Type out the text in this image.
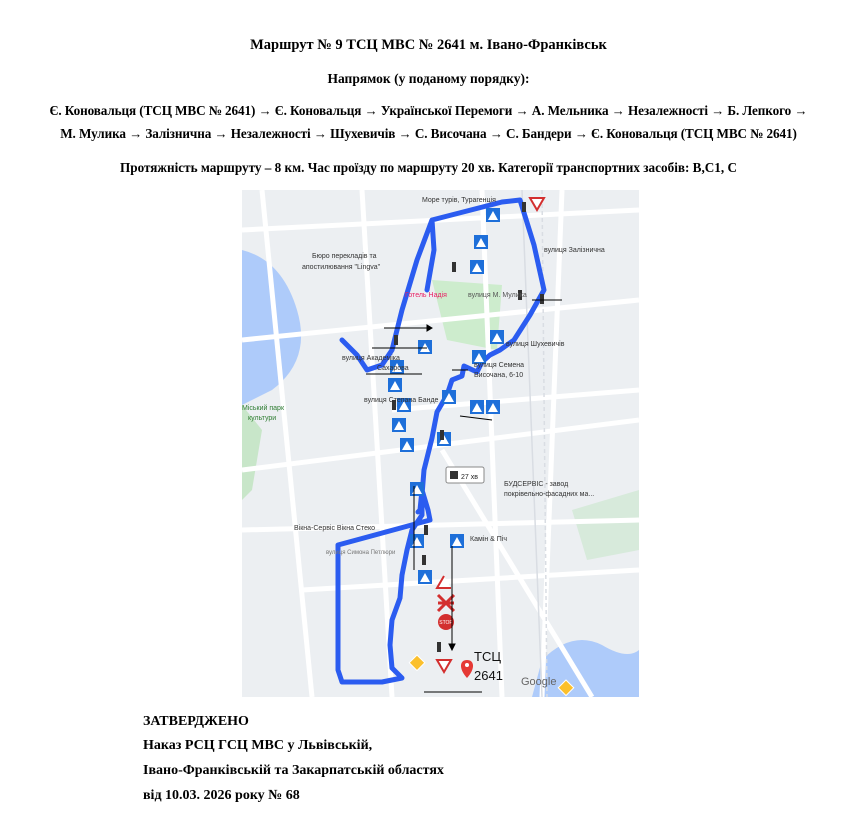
Маршрут № 9 ТСЦ МВС № 2641 м. Івано-Франківськ
Напрямок (у поданому порядку):
Є. Коновальця (ТСЦ МВС № 2641) → Є. Коновальця → Української Перемоги → А. Мельника → Незалежності → Б. Лепкого →
М. Мулика → Залізнична → Незалежності → Шухевичів → С. Височана → С. Бандери → Є. Коновальця (ТСЦ МВС № 2641)
Протяжність маршруту – 8 км. Час проїзду по маршруту 20 хв. Категорії транспортних засобів: B,C1, C
STOP
Море турів, Турагенція
вулиця Залізнична
Бюро перекладів та
апостилювання "Lingva"
Готель Надія	вулиця М. Мулика
вулиця Шухевичів
вулиця Академіка
Сахарова	вулиця Семена
Височана, 6-10
вулиця Степана Банде
Міський парк
культури
БУДСЕРВІС - завод
покрівельно-фасадних ма...
Вікна-Сервіс Вікна Стеко
Камін & Піч
вулиця Симона Петлюри
27 хв
ТСЦ
2641 Google
ЗАТВЕРДЖЕНО
Наказ РСЦ ГСЦ МВС у Львівській,
Івано-Франківській та Закарпатській областях
від 10.03. 2026 року № 68
